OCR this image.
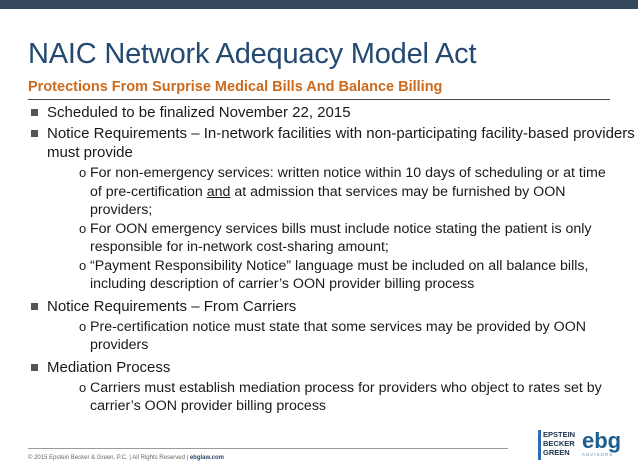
NAIC Network Adequacy Model Act
Protections From Surprise Medical Bills And Balance Billing
Scheduled to be finalized November 22, 2015
Notice Requirements – In-network facilities with non-participating facility-based providers must provide
o For non-emergency services: written notice within 10 days of scheduling or at time of pre-certification and at admission that services may be furnished by OON providers;
o For OON emergency services bills must include notice stating the patient is only responsible for in-network cost-sharing amount;
o “Payment Responsibility Notice” language must be included on all balance bills, including description of carrier’s OON provider billing process
Notice Requirements – From Carriers
o Pre-certification notice must state that some services may be provided by OON providers
Mediation Process
o Carriers must establish mediation process for providers who object to rates set by carrier’s OON provider billing process
© 2015 Epstein Becker & Green, P.C. | All Rights Reserved | ebglaw.com
EPSTEIN
BECKER
GREEN ebg
ADVISORS
